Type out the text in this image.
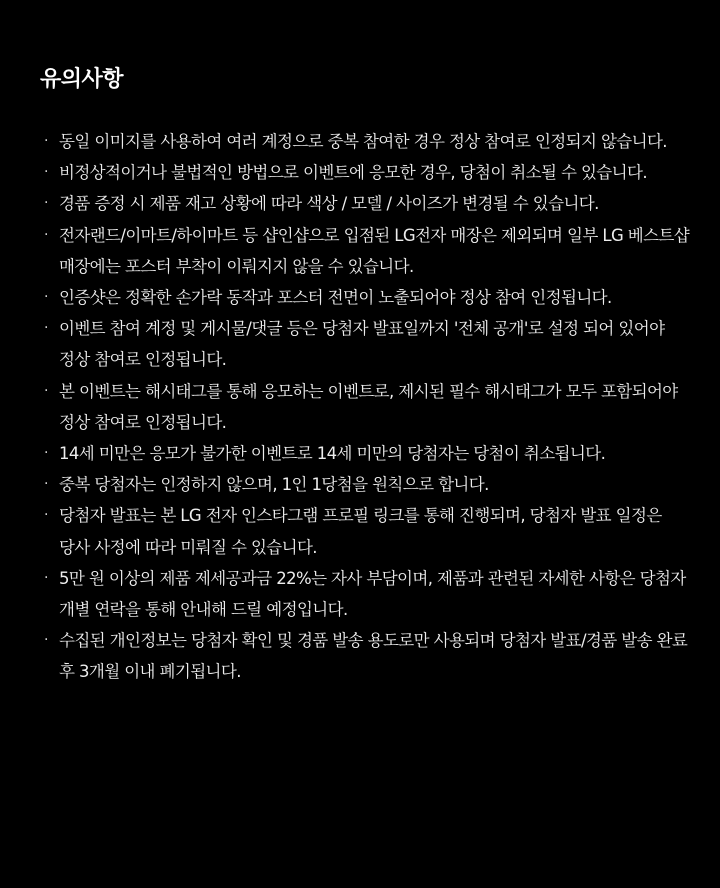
유의사항
· 동일 이미지를 사용하여 여러 계정으로 중복 참여한 경우 정상 참여로 인정되지 않습니다.
· 비정상적이거나 불법적인 방법으로 이벤트에 응모한 경우, 당첨이 취소될 수 있습니다.
· 경품 증정 시 제품 재고 상황에 따라 색상 / 모델 / 사이즈가 변경될 수 있습니다.
· 전자랜드/이마트/하이마트 등 샵인샵으로 입점된 LG전자 매장은 제외되며 일부 LG 베스트샵 매장에는 포스터 부착이 이뤄지지 않을 수 있습니다.
· 인증샷은 정확한 손가락 동작과 포스터 전면이 노출되어야 정상 참여 인정됩니다.
· 이벤트 참여 계정 및 게시물/댓글 등은 당첨자 발표일까지 '전체 공개'로 설정 되어 있어야 정상 참여로 인정됩니다.
· 본 이벤트는 해시태그를 통해 응모하는 이벤트로, 제시된 필수 해시태그가 모두 포함되어야 정상 참여로 인정됩니다.
· 14세 미만은 응모가 불가한 이벤트로 14세 미만의 당첨자는 당첨이 취소됩니다.
· 중복 당첨자는 인정하지 않으며, 1인 1당첨을 원칙으로 합니다.
· 당첨자 발표는 본 LG 전자 인스타그램 프로필 링크를 통해 진행되며, 당첨자 발표 일정은 당사 사정에 따라 미뤄질 수 있습니다.
· 5만 원 이상의 제품 제세공과금 22%는 자사 부담이며, 제품과 관련된 자세한 사항은 당첨자 개별 연락을 통해 안내해 드릴 예정입니다.
· 수집된 개인정보는 당첨자 확인 및 경품 발송 용도로만 사용되며 당첨자 발표/경품 발송 완료 후 3개월 이내 폐기됩니다.
